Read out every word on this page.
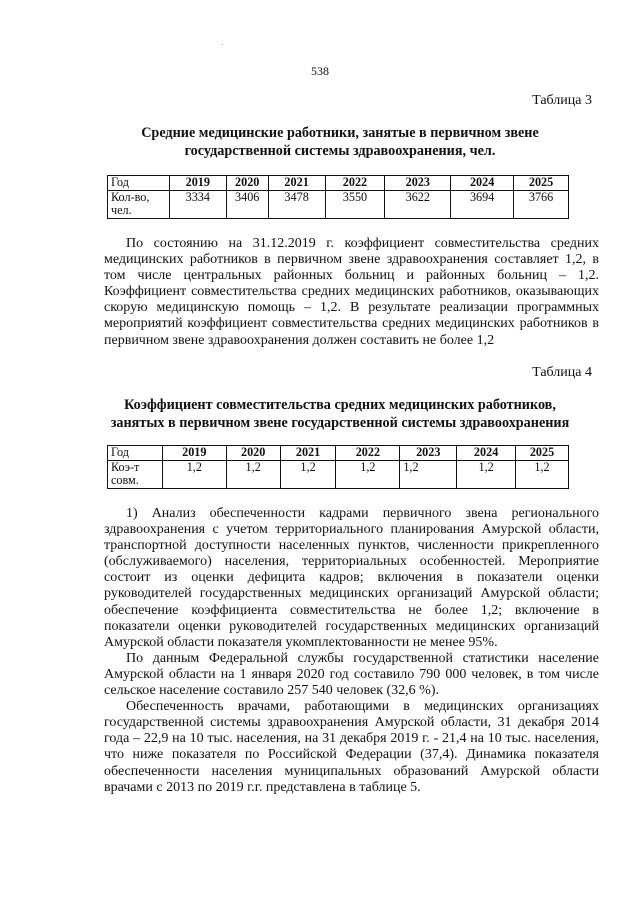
538
Таблица 3
Средние медицинские работники, занятые в первичном звене
государственной системы здравоохранения, чел.
Год	2019	2020	2021	2022	2023	2024	2025

Кол-во,
чел.	3334	3406	3478	3550	3622	3694	3766

По состоянию на 31.12.2019 г. коэффициент совместительства средних медицинских работников в первичном звене здравоохранения составляет 1,2, в том числе центральных районных больниц и районных больниц – 1,2. Коэффициент совместительства средних медицинских работников, оказывающих скорую медицинскую помощь – 1,2. В результате реализации программных мероприятий коэффициент совместительства средних медицинских работников в первичном звене здравоохранения должен составить не более 1,2

Таблица 4
Коэффициент совместительства средних медицинских работников,
занятых в первичном звене государственной системы здравоохранения
Год	2019	2020	2021	2022	2023	2024	2025

Коэ-т
совм.	1,2	1,2	1,2	1,2	1,2	1,2	1,2

1) Анализ обеспеченности кадрами первичного звена регионального здравоохранения с учетом территориального планирования Амурской области, транспортной доступности населенных пунктов, численности прикрепленного (обслуживаемого) населения, территориальных особенностей. Мероприятие состоит из оценки дефицита кадров; включения в показатели оценки руководителей государственных медицинских организаций Амурской области; обеспечение коэффициента совместительства не более 1,2; включение в показатели оценки руководителей государственных медицинских организаций Амурской области показателя укомплектованности не менее 95%.

По данным Федеральной службы государственной статистики население Амурской области на 1 января 2020 год составило 790 000 человек, в том числе сельское население составило 257 540 человек (32,6 %).

Обеспеченность врачами, работающими в медицинских организациях государственной системы здравоохранения Амурской области, 31 декабря 2014 года – 22,9 на 10 тыс. населения, на 31 декабря 2019 г. - 21,4 на 10 тыс. населения, что ниже показателя по Российской Федерации (37,4). Динамика показателя обеспеченности населения муниципальных образований Амурской области врачами с 2013 по 2019 г.г. представлена в таблице 5.
